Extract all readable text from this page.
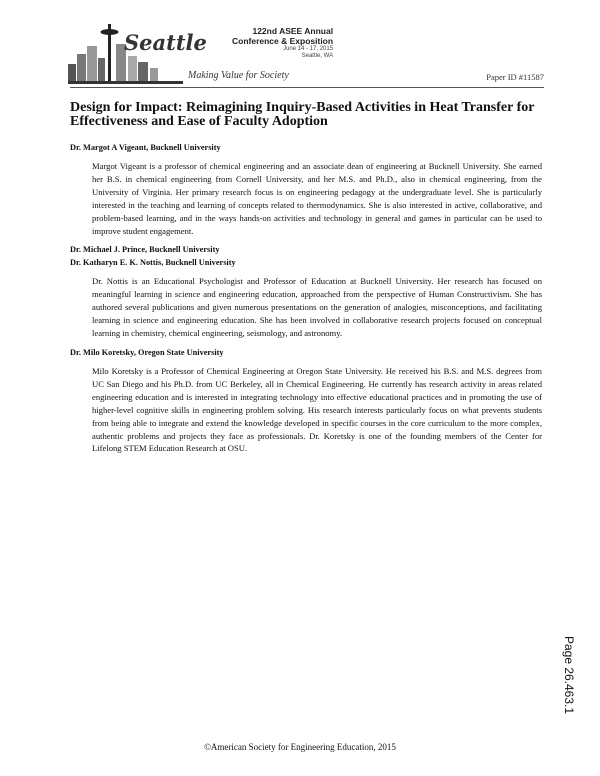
Seattle
Making Value for Society
122nd ASEE Annual
Conference & Exposition
June 14 - 17, 2015
Seattle, WA
Paper ID #11587
Design for Impact: Reimagining Inquiry-Based Activities in Heat Transfer for Effectiveness and Ease of Faculty Adoption
Dr. Margot A Vigeant, Bucknell University
Margot Vigeant is a professor of chemical engineering and an associate dean of engineering at Bucknell University. She earned her B.S. in chemical engineering from Cornell University, and her M.S. and Ph.D., also in chemical engineering, from the University of Virginia. Her primary research focus is on engineering pedagogy at the undergraduate level. She is particularly interested in the teaching and learning of concepts related to thermodynamics. She is also interested in active, collaborative, and problem-based learning, and in the ways hands-on activities and technology in general and games in particular can be used to improve student engagement.
Dr. Michael J. Prince, Bucknell University
Dr. Katharyn E. K. Nottis, Bucknell University
Dr. Nottis is an Educational Psychologist and Professor of Education at Bucknell University. Her research has focused on meaningful learning in science and engineering education, approached from the perspective of Human Constructivism. She has authored several publications and given numerous presentations on the generation of analogies, misconceptions, and facilitating learning in science and engineering education. She has been involved in collaborative research projects focused on conceptual learning in chemistry, chemical engineering, seismology, and astronomy.
Dr. Milo Koretsky, Oregon State University
Milo Koretsky is a Professor of Chemical Engineering at Oregon State University. He received his B.S. and M.S. degrees from UC San Diego and his Ph.D. from UC Berkeley, all in Chemical Engineering. He currently has research activity in areas related engineering education and is interested in integrating technology into effective educational practices and in promoting the use of higher-level cognitive skills in engineering problem solving. His research interests particularly focus on what prevents students from being able to integrate and extend the knowledge developed in specific courses in the core curriculum to the more complex, authentic problems and projects they face as professionals. Dr. Koretsky is one of the founding members of the Center for Lifelong STEM Education Research at OSU.
©American Society for Engineering Education, 2015
Page 26.463.1
